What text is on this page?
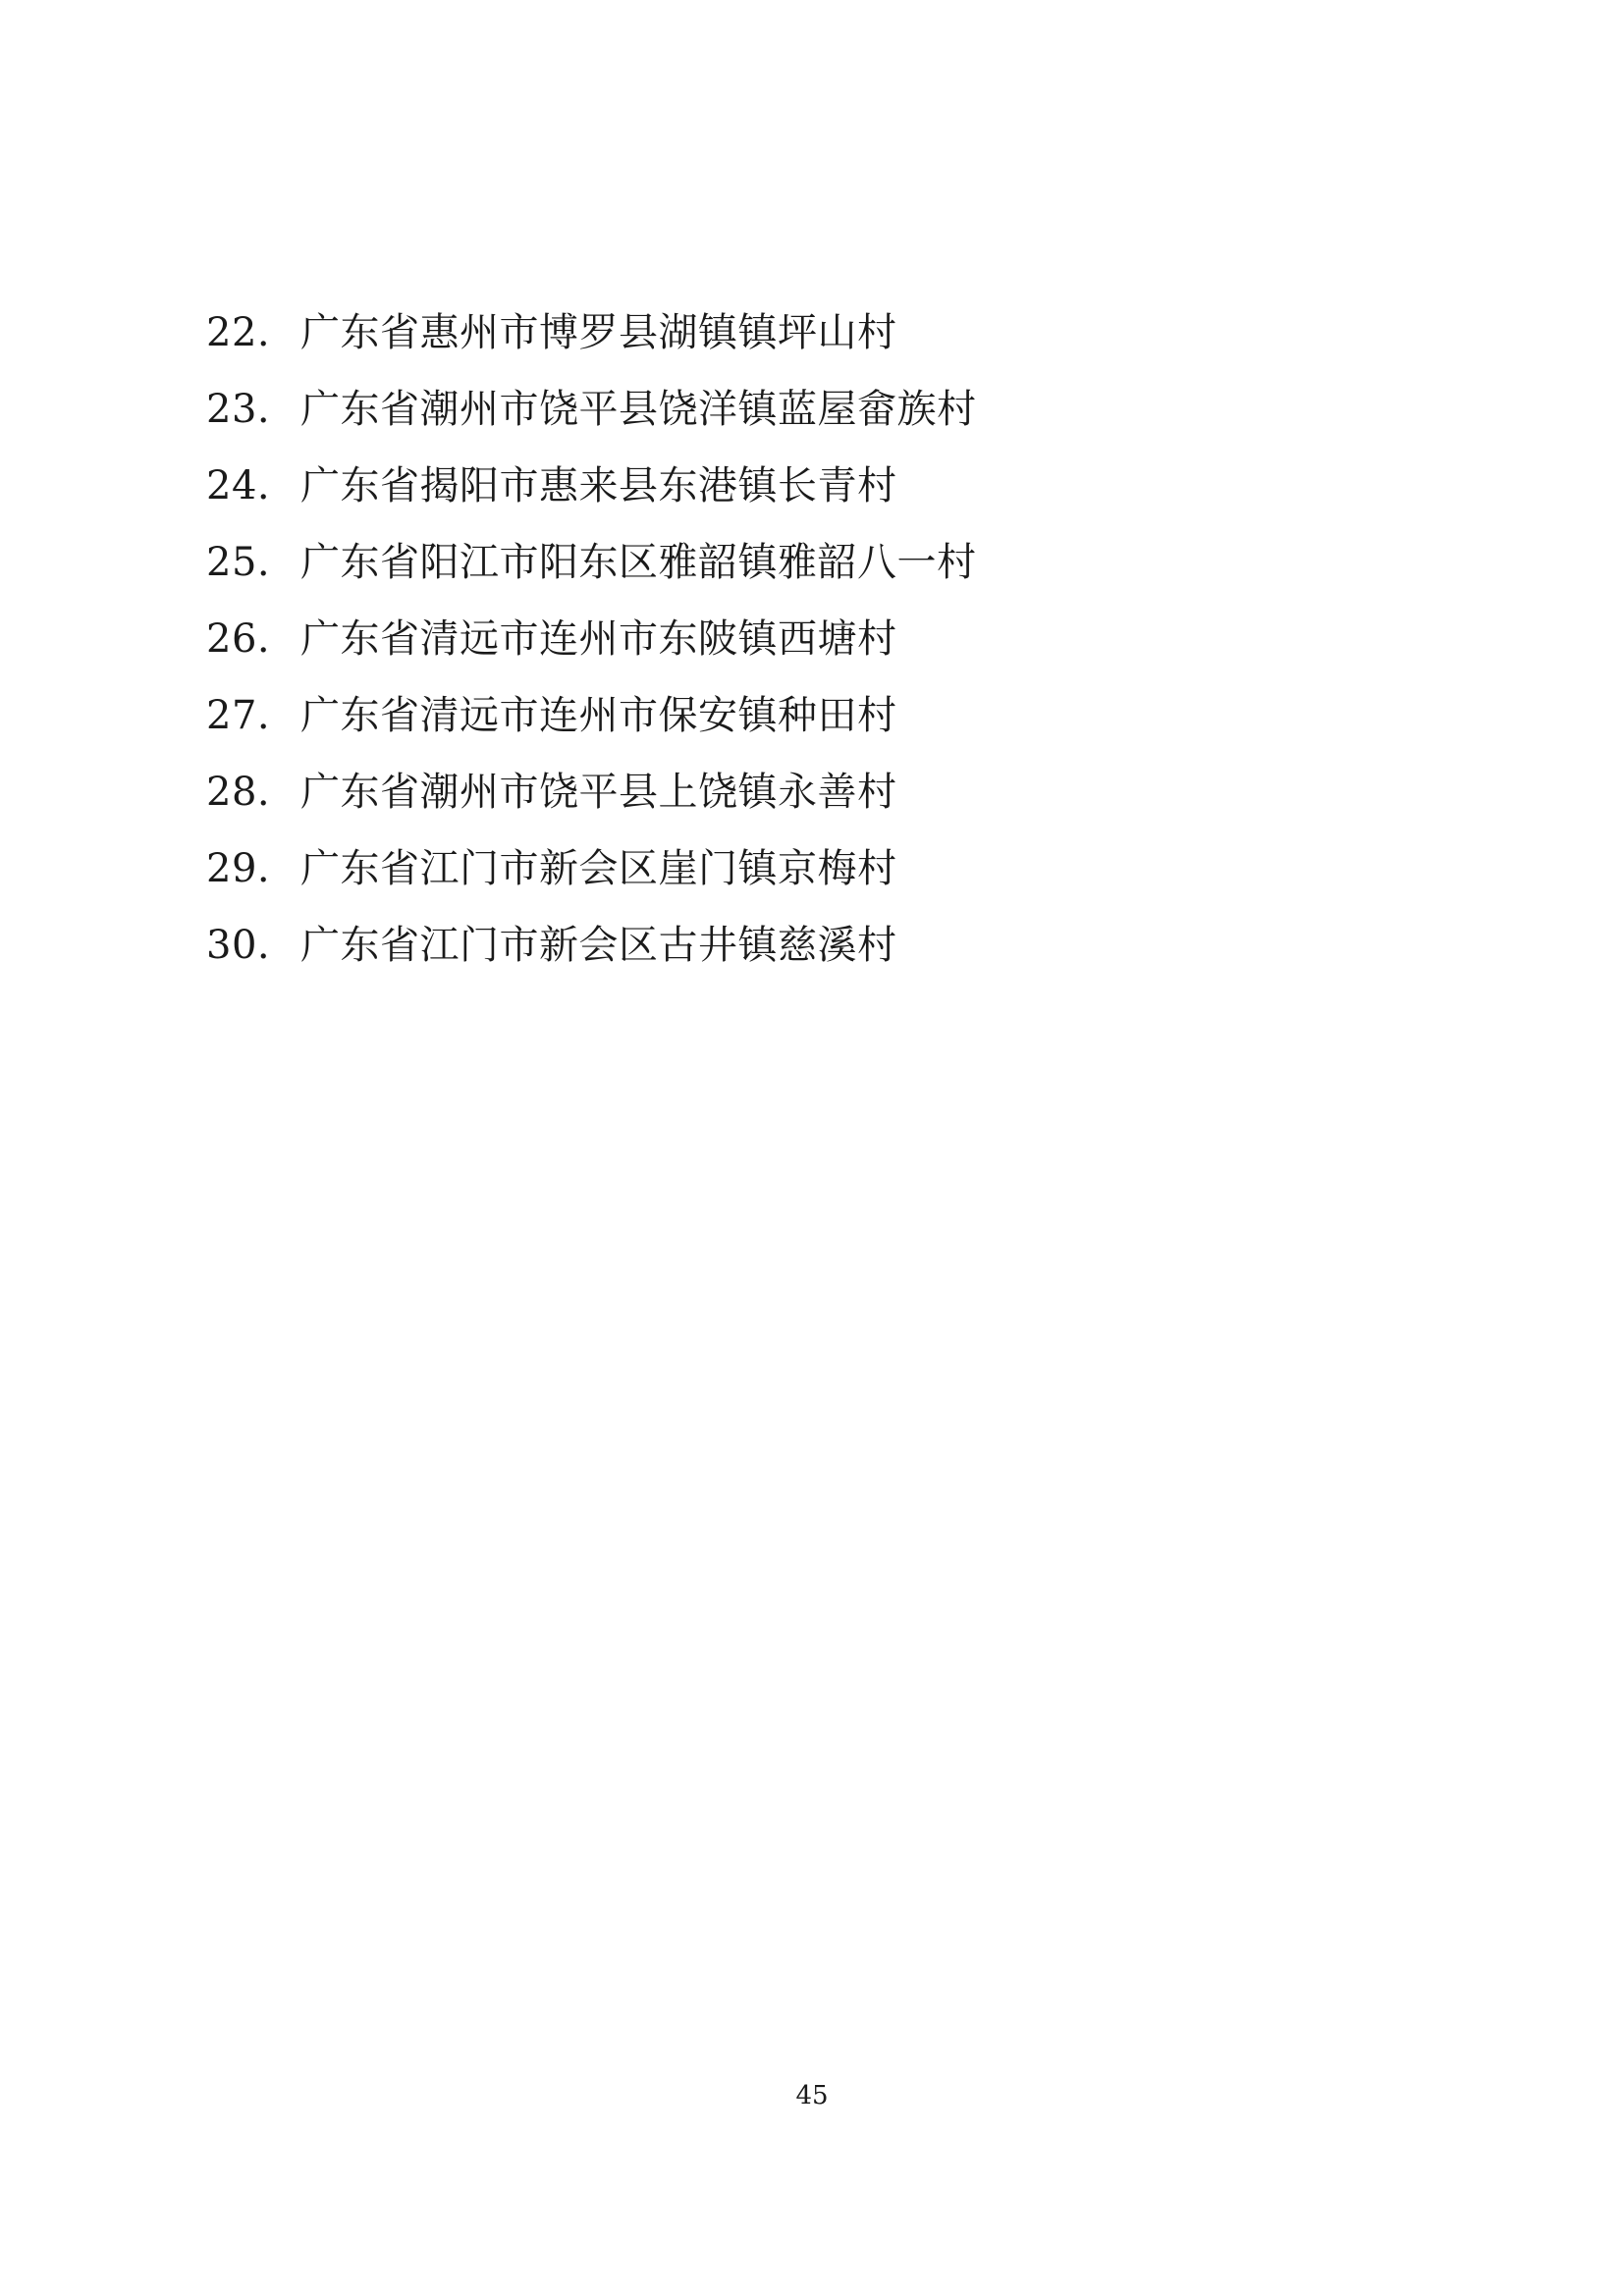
22. 广东省惠州市博罗县湖镇镇坪山村
23. 广东省潮州市饶平县饶洋镇蓝屋畲族村
24. 广东省揭阳市惠来县东港镇长青村
25. 广东省阳江市阳东区雅韶镇雅韶八一村
26. 广东省清远市连州市东陂镇西塘村
27. 广东省清远市连州市保安镇种田村
28. 广东省潮州市饶平县上饶镇永善村
29. 广东省江门市新会区崖门镇京梅村
30. 广东省江门市新会区古井镇慈溪村
45
